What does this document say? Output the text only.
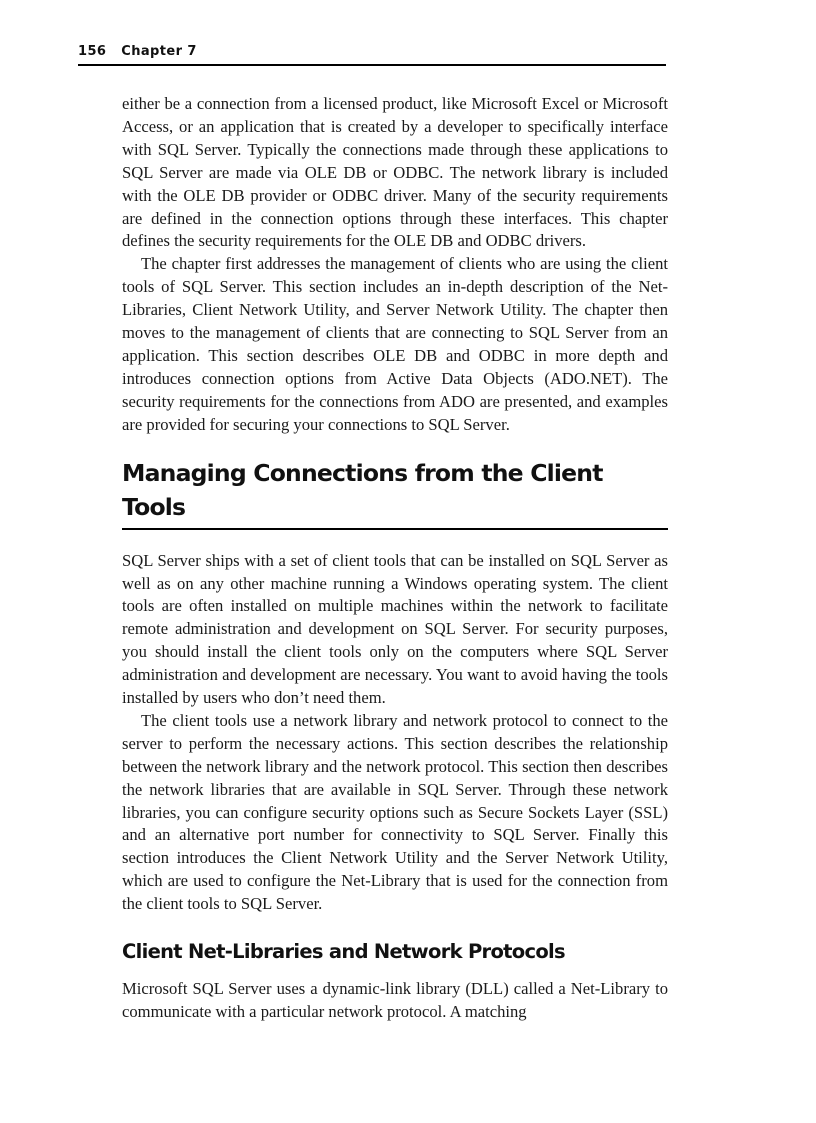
156 Chapter 7

either be a connection from a licensed product, like Microsoft Excel or Microsoft Access, or an application that is created by a developer to specifically interface with SQL Server. Typically the connections made through these applications to SQL Server are made via OLE DB or ODBC. The network library is included with the OLE DB provider or ODBC driver. Many of the security requirements are defined in the connection options through these interfaces. This chapter defines the security requirements for the OLE DB and ODBC drivers.

The chapter first addresses the management of clients who are using the client tools of SQL Server. This section includes an in-depth description of the Net-Libraries, Client Network Utility, and Server Network Utility. The chapter then moves to the management of clients that are connecting to SQL Server from an application. This section describes OLE DB and ODBC in more depth and introduces connection options from Active Data Objects (ADO.NET). The security requirements for the connections from ADO are presented, and examples are provided for securing your connections to SQL Server.

Managing Connections from the Client Tools

SQL Server ships with a set of client tools that can be installed on SQL Server as well as on any other machine running a Windows operating system. The client tools are often installed on multiple machines within the network to facilitate remote administration and development on SQL Server. For security purposes, you should install the client tools only on the computers where SQL Server administration and development are necessary. You want to avoid having the tools installed by users who don’t need them.

The client tools use a network library and network protocol to connect to the server to perform the necessary actions. This section describes the relationship between the network library and the network protocol. This section then describes the network libraries that are available in SQL Server. Through these network libraries, you can configure security options such as Secure Sockets Layer (SSL) and an alternative port number for connectivity to SQL Server. Finally this section introduces the Client Network Utility and the Server Network Utility, which are used to configure the Net-Library that is used for the connection from the client tools to SQL Server.

Client Net-Libraries and Network Protocols

Microsoft SQL Server uses a dynamic-link library (DLL) called a Net-Library to communicate with a particular network protocol. A matching
